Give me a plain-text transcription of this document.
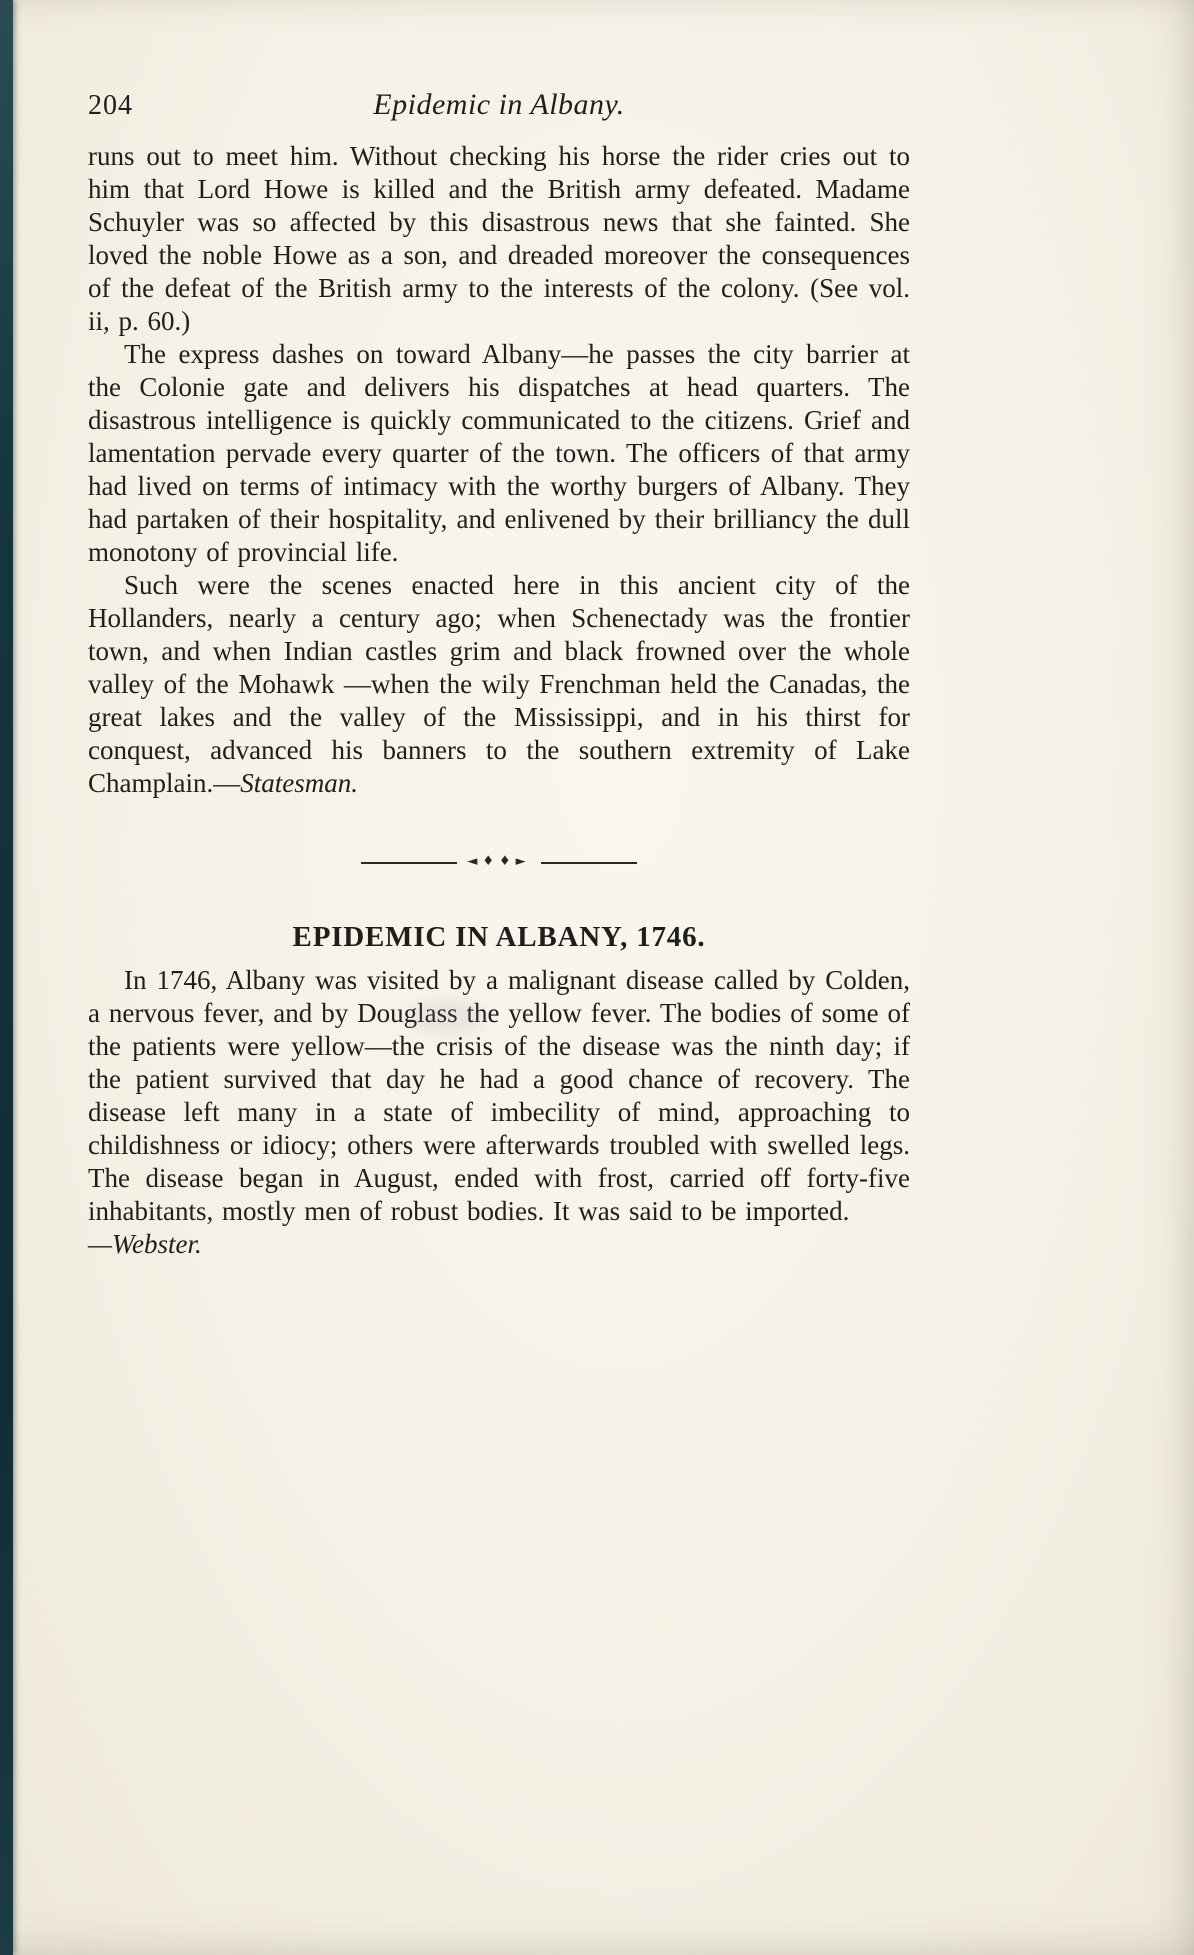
204	Epidemic in Albany.

runs out to meet him. Without checking his horse the rider cries out to him that Lord Howe is killed and the British army defeated. Madame Schuyler was so affected by this disastrous news that she fainted. She loved the noble Howe as a son, and dreaded moreover the consequences of the defeat of the British army to the interests of the colony. (See vol. ii, p. 60.)

The express dashes on toward Albany—he passes the city barrier at the Colonie gate and delivers his dispatches at head quarters. The disastrous intelligence is quickly communicated to the citizens. Grief and lamentation pervade every quarter of the town. The officers of that army had lived on terms of intimacy with the worthy burgers of Albany. They had partaken of their hospitality, and enlivened by their brilliancy the dull monotony of provincial life.

Such were the scenes enacted here in this ancient city of the Hollanders, nearly a century ago; when Schenectady was the frontier town, and when Indian castles grim and black frowned over the whole valley of the Mohawk —when the wily Frenchman held the Canadas, the great lakes and the valley of the Mississippi, and in his thirst for conquest, advanced his banners to the southern extremity of Lake Champlain.—Statesman.

◄♦♦►
EPIDEMIC IN ALBANY, 1746.

In 1746, Albany was visited by a malignant disease called by Colden, a nervous fever, and by Douglass the yellow fever. The bodies of some of the patients were yellow—the crisis of the disease was the ninth day; if the patient survived that day he had a good chance of recovery. The disease left many in a state of imbecility of mind, approaching to childishness or idiocy; others were afterwards troubled with swelled legs. The disease began in August, ended with frost, carried off forty-five inhabitants, mostly men of robust bodies. It was said to be imported.

—Webster.
